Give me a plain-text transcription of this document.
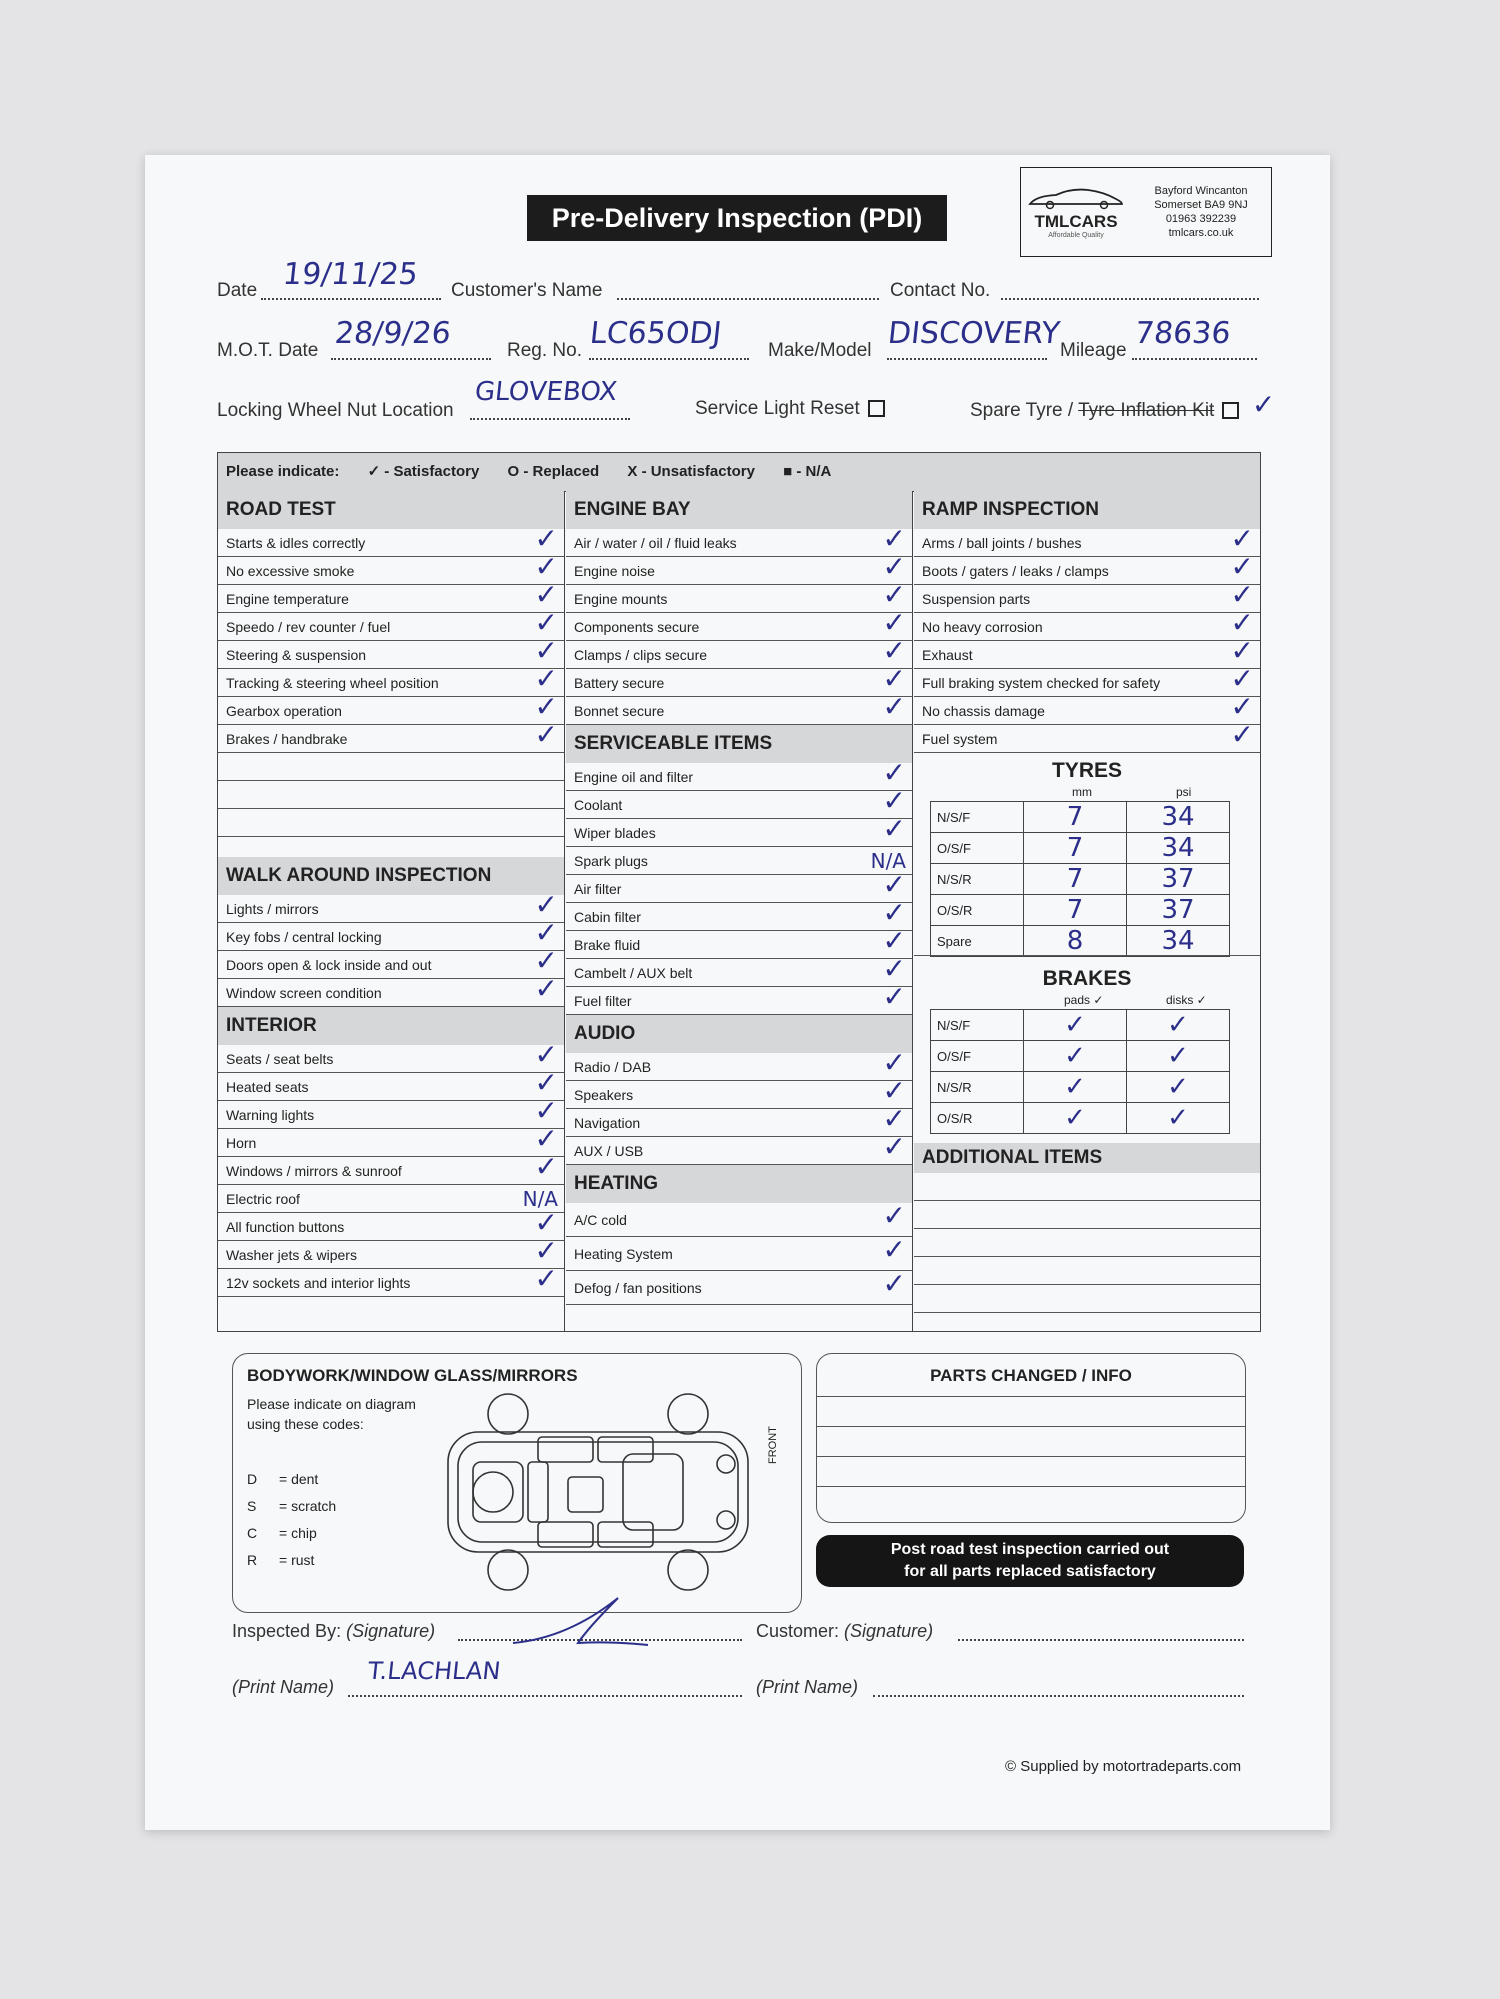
Pre-Delivery Inspection (PDI)	TMLCARS
Affordable Quality
Bayford Wincanton
Somerset BA9 9NJ
01963 392239
tmlcars.co.uk
Date 19/11/25 Customer's Name	Contact No.
M.O.T. Date 28/9/26	Reg. No. LC65ODJ Make/Model DISCOVERY
Mileage 78636
Locking Wheel Nut Location
GLOVEBOX
Service Light Reset	Spare Tyre / Tyre Inflation Kit ✓
Please indicate: ✓ - Satisfactory O - Replaced X - Unsatisfactory ■ - N/A
ROAD TEST
Starts & idles correctly	✓
No excessive smoke	✓
Engine temperature	✓
Speedo / rev counter / fuel	✓
Steering & suspension	✓
Tracking & steering wheel position	✓
Gearbox operation	✓
Brakes / handbrake	✓
WALK AROUND INSPECTION
Lights / mirrors	✓
Key fobs / central locking	✓
Doors open & lock inside and out	✓
Window screen condition	✓
INTERIOR
Seats / seat belts	✓
Heated seats	✓
Warning lights	✓
Horn	✓
Windows / mirrors & sunroof	✓
Electric roof	N/A
All function buttons	✓
Washer jets & wipers	✓
12v sockets and interior lights	✓
ENGINE BAY
Air / water / oil / fluid leaks	✓
Engine noise	✓
Engine mounts	✓
Components secure	✓
Clamps / clips secure	✓
Battery secure	✓
Bonnet secure	✓
SERVICEABLE ITEMS
Engine oil and filter	✓
Coolant	✓
Wiper blades	✓
Spark plugs	N/A
Air filter	✓
Cabin filter	✓
Brake fluid	✓
Cambelt / AUX belt	✓
Fuel filter	✓
AUDIO
Radio / DAB	✓
Speakers	✓
Navigation	✓
AUX / USB	✓
HEATING
A/C cold	✓
Heating System	✓
Defog / fan positions	✓
RAMP INSPECTION
Arms / ball joints / bushes	✓
Boots / gaters / leaks / clamps	✓
Suspension parts	✓
No heavy corrosion	✓
Exhaust	✓
Full braking system checked for safety	✓
No chassis damage	✓
Fuel system	✓
TYRES
mm	psi
N/S/F	7	34
O/S/F	7	34
N/S/R	7	37
O/S/R	7	37
Spare	8	34
BRAKES
pads ✓	disks ✓
N/S/F	✓	✓
O/S/F	✓	✓
N/S/R	✓	✓
O/S/R	✓	✓
ADDITIONAL ITEMS
BODYWORK/WINDOW GLASS/MIRRORS
Please indicate on diagram
using these codes:
D = dent
S = scratch
C = chip
R = rust
FRONT
PARTS CHANGED / INFO
Post road test inspection carried out
for all parts replaced satisfactory
Inspected By: (Signature)	Customer: (Signature)
(Print Name)
T.LACHLAN
(Print Name)
© Supplied by motortradeparts.com
